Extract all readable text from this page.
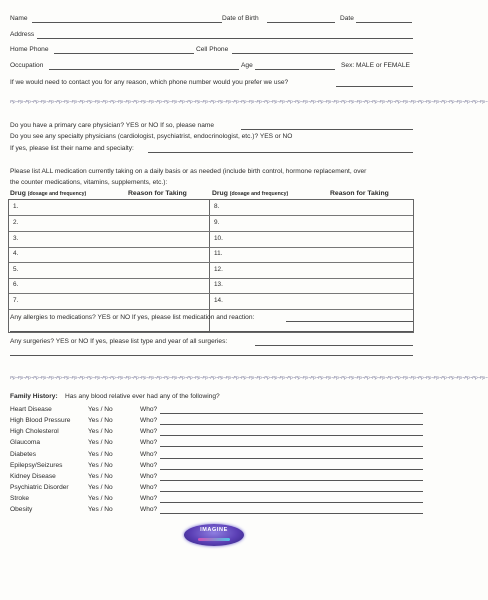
Name	Date of Birth	Date
Address
Home Phone	Cell Phone
Occupation	Age	Sex: MALE or FEMALE
If we would need to contact you for any reason, which phone number would you prefer we use?
Pp~Pp~Pp~Pp~Pp~Pp~Pp~Pp~Pp~Pp~Pp~Pp~Pp~Pp~Pp~Pp~Pp~Pp~Pp~Pp~Pp~Pp~Pp~Pp~Pp~Pp~Pp~Pp~Pp~Pp~Pp~Pp~Pp~Pp~Pp~Pp~Pp~Pp~Pp~Pp~Pp~Pp~Pp~Pp~Pp~Pp~Pp~Pp~Pp~Pp~Pp~Pp~Pp~Pp~Pp~Pp~Pp~Pp~Pp~Pp~Pp~Pp~
Do you have a primary care physician? YES or NO If so, please name
Do you see any specialty physicians (cardiologist, psychiatrist, endocrinologist, etc.)? YES or NO
If yes, please list their name and specialty:
Please list ALL medication currently taking on a daily basis or as needed (include birth control, hormone replacement, over
the counter medications, vitamins, supplements, etc.):
Drug (dosage and frequency)	Reason for Taking	Drug (dosage and frequency)	Reason for Taking
1.
2.
3.
4.
5.
6.
7.
8.
9.
10.
11.
12.
13.
14.
Any allergies to medications? YES or NO If yes, please list medication and reaction:
Any surgeries? YES or NO If yes, please list type and year of all surgeries:
Pp~Pp~Pp~Pp~Pp~Pp~Pp~Pp~Pp~Pp~Pp~Pp~Pp~Pp~Pp~Pp~Pp~Pp~Pp~Pp~Pp~Pp~Pp~Pp~Pp~Pp~Pp~Pp~Pp~Pp~Pp~Pp~Pp~Pp~Pp~Pp~Pp~Pp~Pp~Pp~Pp~Pp~Pp~Pp~Pp~Pp~Pp~Pp~Pp~Pp~Pp~Pp~Pp~Pp~Pp~Pp~Pp~Pp~Pp~Pp~Pp~Pp~
Family History: Has any blood relative ever had any of the following?
Heart Disease	Yes / No	Who?
High Blood Pressure	Yes / No	Who?
High Cholesterol	Yes / No	Who?
Glaucoma	Yes / No	Who?
Diabetes	Yes / No	Who?
Epilepsy/Seizures	Yes / No	Who?
Kidney Disease	Yes / No	Who?
Psychiatric Disorder	Yes / No	Who?
Stroke	Yes / No	Who?
Obesity	Yes / No	Who?
IMAGINE
